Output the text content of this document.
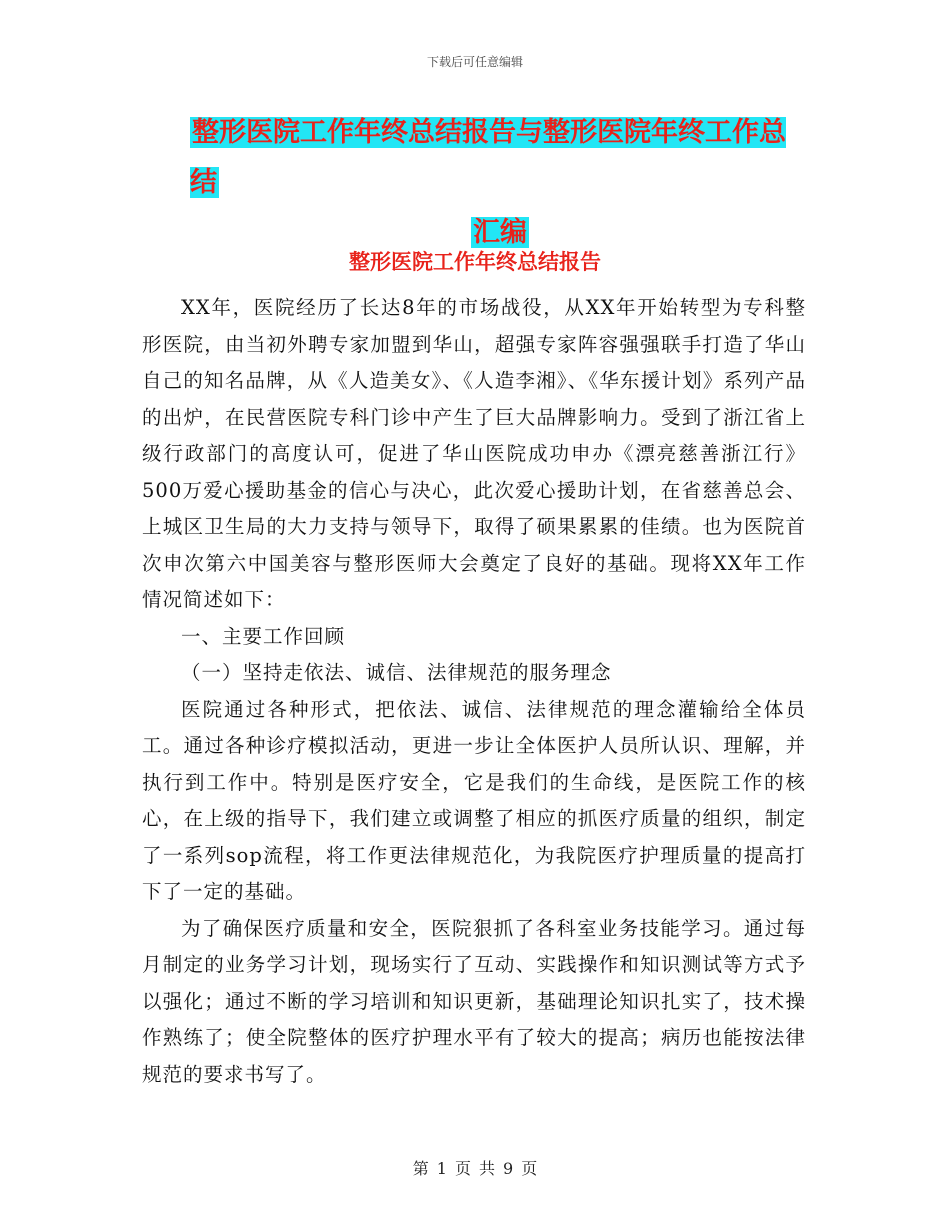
下载后可任意编辑
整形医院工作年终总结报告与整形医院年终工作总结
汇编
整形医院工作年终总结报告

XX年，医院经历了长达8年的市场战役，从XX年开始转型为专科整形医院，由当初外聘专家加盟到华山，超强专家阵容强强联手打造了华山自己的知名品牌，从《人造美女》、《人造李湘》、《华东援计划》系列产品的出炉，在民营医院专科门诊中产生了巨大品牌影响力。受到了浙江省上级行政部门的高度认可，促进了华山医院成功申办《漂亮慈善浙江行》500万爱心援助基金的信心与决心，此次爱心援助计划，在省慈善总会、上城区卫生局的大力支持与领导下，取得了硕果累累的佳绩。也为医院首次申次第六中国美容与整形医师大会奠定了良好的基础。现将XX年工作情况简述如下：

一、主要工作回顾

（一）坚持走依法、诚信、法律规范的服务理念

医院通过各种形式，把依法、诚信、法律规范的理念灌输给全体员工。通过各种诊疗模拟活动，更进一步让全体医护人员所认识、理解，并执行到工作中。特别是医疗安全，它是我们的生命线，是医院工作的核心，在上级的指导下，我们建立或调整了相应的抓医疗质量的组织，制定了一系列sop流程，将工作更法律规范化，为我院医疗护理质量的提高打下了一定的基础。

为了确保医疗质量和安全，医院狠抓了各科室业务技能学习。通过每月制定的业务学习计划，现场实行了互动、实践操作和知识测试等方式予以强化；通过不断的学习培训和知识更新，基础理论知识扎实了，技术操作熟练了；使全院整体的医疗护理水平有了较大的提高；病历也能按法律规范的要求书写了。

第 1 页 共 9 页
